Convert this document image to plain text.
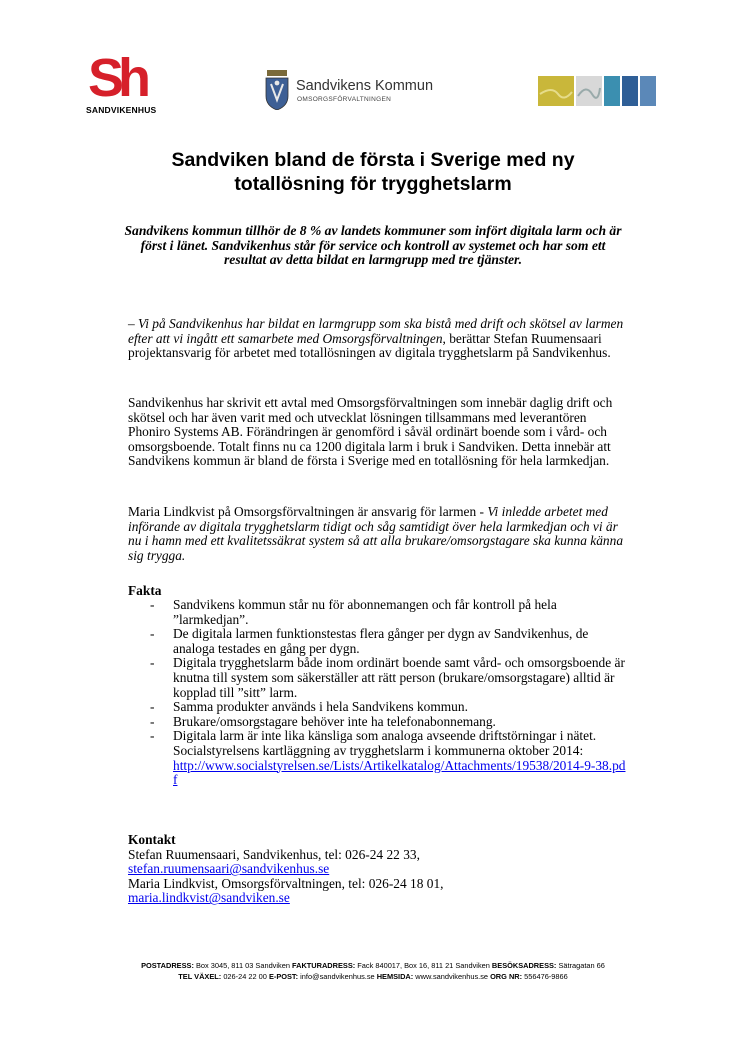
Sh
SANDVIKENHUS
Sandvikens Kommun
OMSORGSFÖRVALTNINGEN
Sandviken bland de första i Sverige med ny totallösning för trygghetslarm

Sandvikens kommun tillhör de 8 % av landets kommuner som infört digitala larm och är först i länet. Sandvikenhus står för service och kontroll av systemet och har som ett resultat av detta bildat en larmgrupp med tre tjänster.

– Vi på Sandvikenhus har bildat en larmgrupp som ska bistå med drift och skötsel av larmen efter att vi ingått ett samarbete med Omsorgsförvaltningen, berättar Stefan Ruumensaari projektansvarig för arbetet med totallösningen av digitala trygghetslarm på Sandvikenhus.

Sandvikenhus har skrivit ett avtal med Omsorgsförvaltningen som innebär daglig drift och skötsel och har även varit med och utvecklat lösningen tillsammans med leverantören Phoniro Systems AB. Förändringen är genomförd i såväl ordinärt boende som i vård- och omsorgsboende. Totalt finns nu ca 1200 digitala larm i bruk i Sandviken. Detta innebär att Sandvikens kommun är bland de första i Sverige med en totallösning för hela larmkedjan.

Maria Lindkvist på Omsorgsförvaltningen är ansvarig för larmen - Vi inledde arbetet med införande av digitala trygghetslarm tidigt och såg samtidigt över hela larmkedjan och vi är nu i hamn med ett kvalitetssäkrat system så att alla brukare/omsorgstagare ska kunna känna sig trygga.

Fakta

- Sandvikens kommun står nu för abonnemangen och får kontroll på hela ”larmkedjan”.
- De digitala larmen funktionstestas flera gånger per dygn av Sandvikenhus, de analoga testades en gång per dygn.
- Digitala trygghetslarm både inom ordinärt boende samt vård- och omsorgsboende är knutna till system som säkerställer att rätt person (brukare/omsorgstagare) alltid är kopplad till ”sitt” larm.
- Samma produkter används i hela Sandvikens kommun.
- Brukare/omsorgstagare behöver inte ha telefonabonnemang.
- Digitala larm är inte lika känsliga som analoga avseende driftstörningar i nätet. Socialstyrelsens kartläggning av trygghetslarm i kommunerna oktober 2014:
http://www.socialstyrelsen.se/Lists/Artikelkatalog/Attachments/19538/2014-9-38.pdf
Kontakt
Stefan Ruumensaari, Sandvikenhus, tel: 026-24 22 33,
stefan.ruumensaari@sandvikenhus.se
Maria Lindkvist, Omsorgsförvaltningen, tel: 026-24 18 01,
maria.lindkvist@sandviken.se
POSTADRESS: Box 3045, 811 03 Sandviken FAKTURADRESS: Fack 840017, Box 16, 811 21 Sandviken BESÖKSADRESS: Sätragatan 66
TEL VÄXEL: 026-24 22 00 E-POST: info@sandvikenhus.se HEMSIDA: www.sandvikenhus.se ORG NR: 556476-9866
